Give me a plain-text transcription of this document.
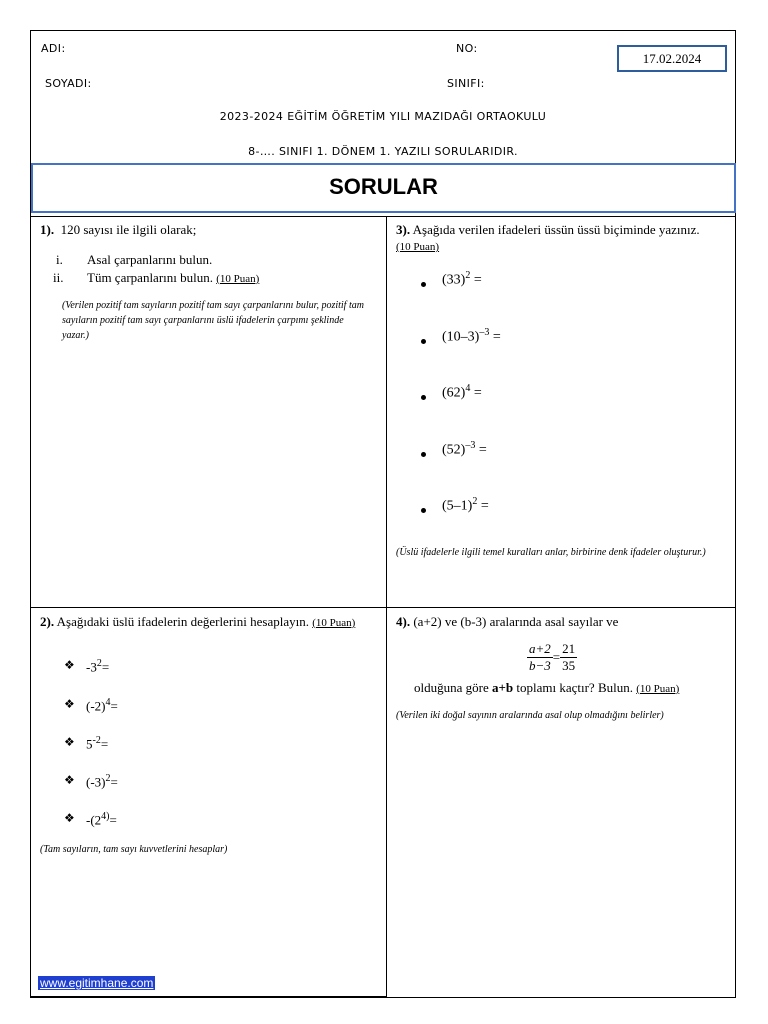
ADI:	NO:
17.02.2024
SOYADI:	SINIFI:
2023-2024 EĞİTİM ÖĞRETİM YILI MAZIDAĞI ORTAOKULU
8-…. SINIFI 1. DÖNEM 1. YAZILI SORULARIDIR.
SORULAR
1). 120 sayısı ile ilgili olarak;
i. Asal çarpanlarını bulun.
ii. Tüm çarpanlarını bulun. (10 Puan)
(Verilen pozitif tam sayıların pozitif tam sayı çarpanlarını bulur, pozitif tam sayıların pozitif tam sayı çarpanlarını üslü ifadelerin çarpımı şeklinde yazar.)
3). Aşağıda verilen ifadeleri üssün üssü biçiminde yazınız.
(10 Puan)
$(33)^2$ =
$(10-3)^{-3}$ =
$(62)^4$ =
$(52)^{-3}$ =
$(5-1)^2$ =
(Üslü ifadelerle ilgili temel kuralları anlar, birbirine denk ifadeler oluşturur.)
2). Aşağıdaki üslü ifadelerin değerlerini hesaplayın. (10 Puan)
❖ $-3^2=$
❖ $(-2)^4=$
❖ $5^{-2}=$
❖ $(-3)^2=$
❖ $-(2^{4)}=$
(Tam sayıların, tam sayı kuvvetlerini hesaplar)
4). (a+2) ve (b-3) aralarında asal sayılar ve
$\frac{a+2}{b-3} = \frac{21}{35}$
olduğuna göre a+b toplamı kaçtır? Bulun. (10 Puan)
(Verilen iki doğal sayının aralarında asal olup olmadığını belirler)
www.egitimhane.com
